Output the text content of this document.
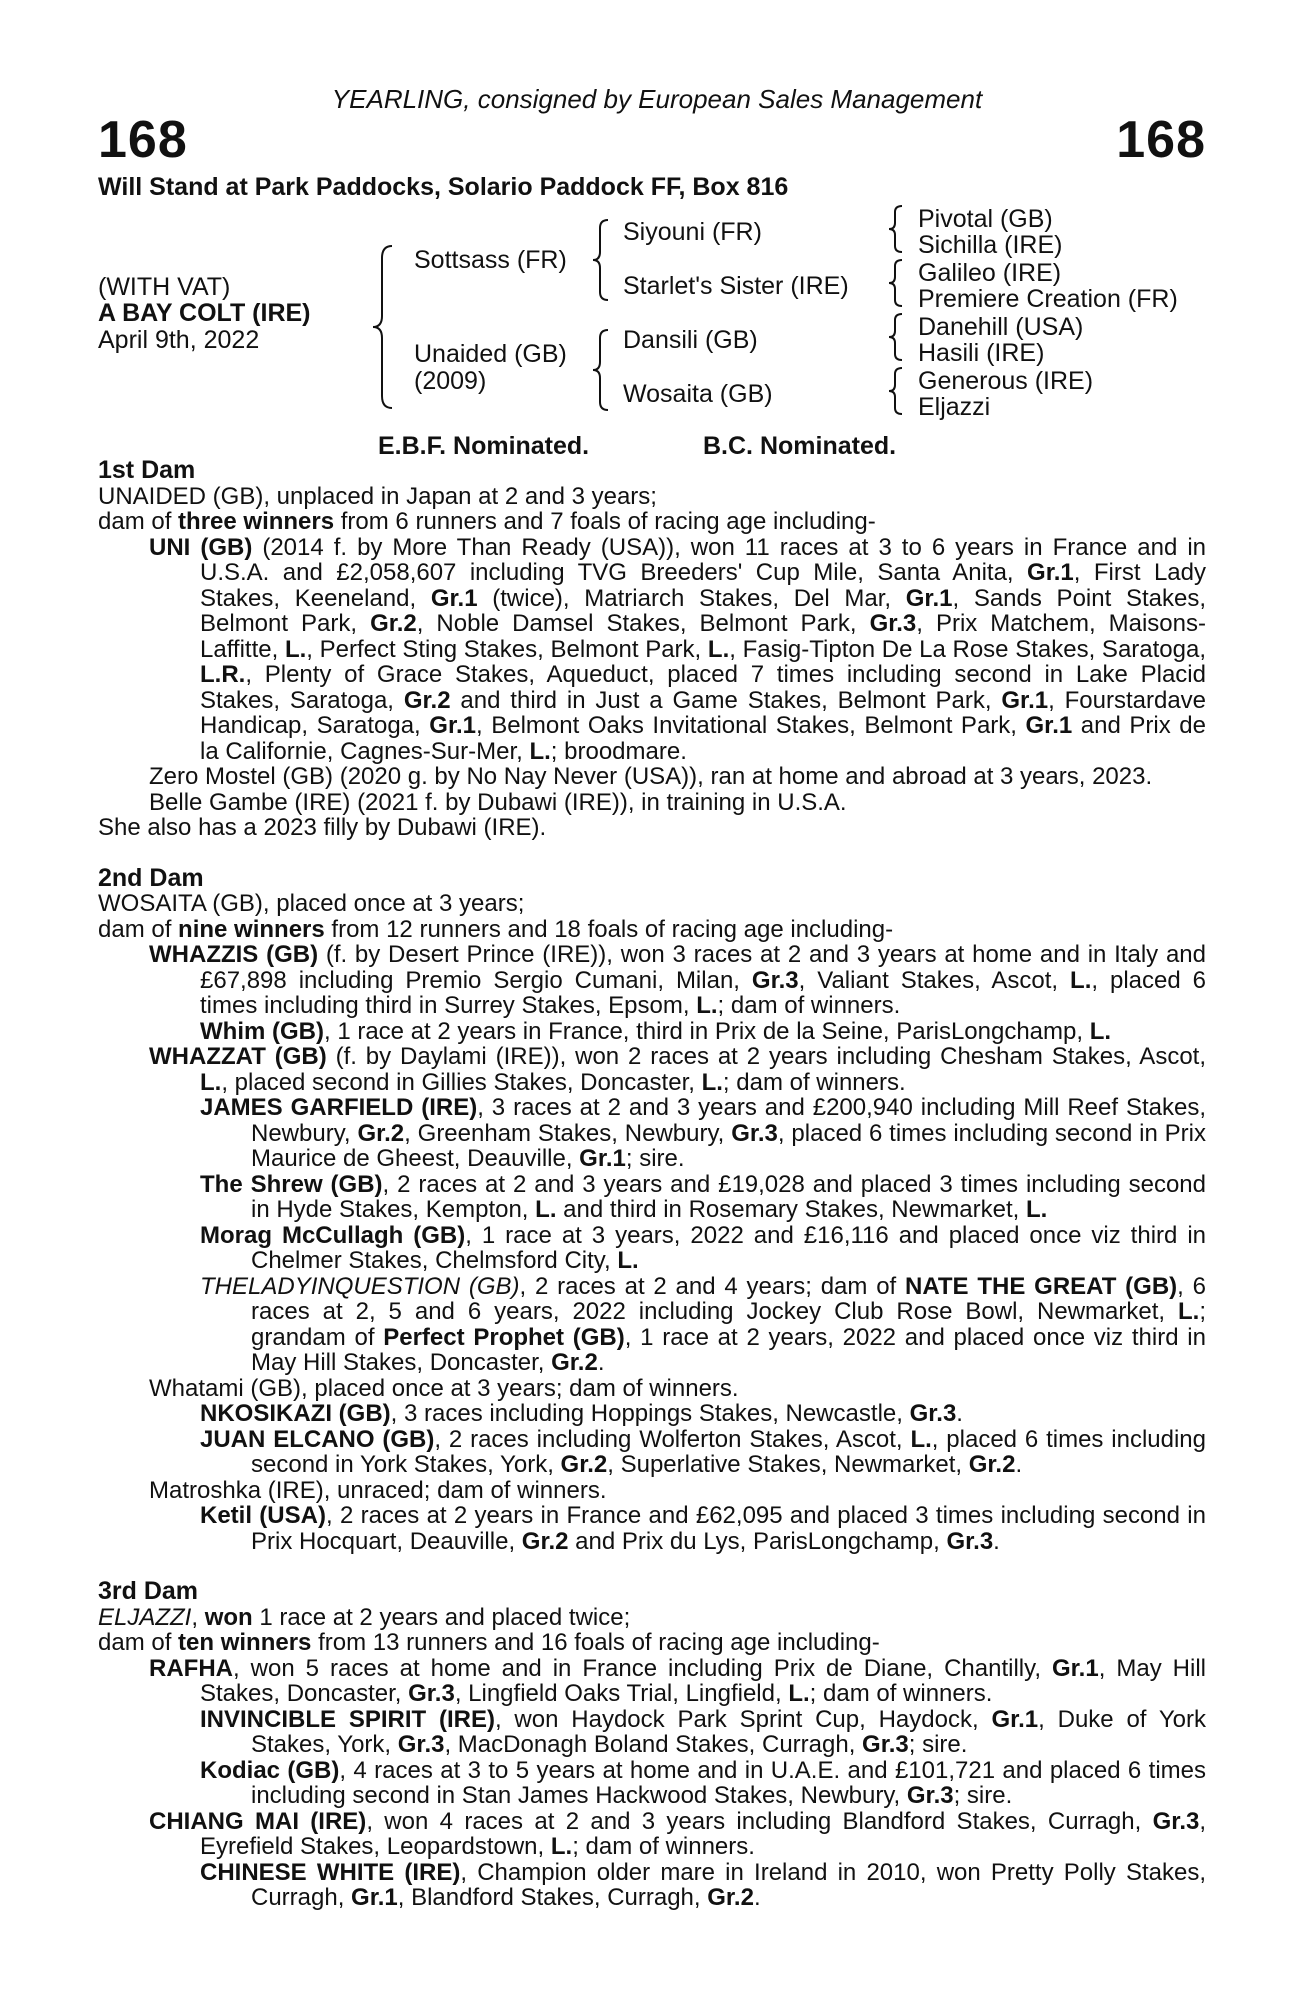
YEARLING, consigned by European Sales Management
168	168
Will Stand at Park Paddocks, Solario Paddock FF, Box 816
(WITH VAT)
A BAY COLT (IRE)
April 9th, 2022
Sottsass (FR)
Unaided (GB)
(2009)
Siyouni (FR)
Starlet's Sister (IRE)
Dansili (GB)
Wosaita (GB)
Pivotal (GB)
Sichilla (IRE)
Galileo (IRE)
Premiere Creation (FR)
Danehill (USA)
Hasili (IRE)
Generous (IRE)
Eljazzi
E.B.F. Nominated.	B.C. Nominated.

1st Dam

UNAIDED (GB), unplaced in Japan at 2 and 3 years;

dam of three winners from 6 runners and 7 foals of racing age including-

UNI (GB) (2014 f. by More Than Ready (USA)), won 11 races at 3 to 6 years in France and in U.S.A. and £2,058,607 including TVG Breeders' Cup Mile, Santa Anita, Gr.1, First Lady Stakes, Keeneland, Gr.1 (twice), Matriarch Stakes, Del Mar, Gr.1, Sands Point Stakes, Belmont Park, Gr.2, Noble Damsel Stakes, Belmont Park, Gr.3, Prix Matchem, Maisons-Laffitte, L., Perfect Sting Stakes, Belmont Park, L., Fasig-Tipton De La Rose Stakes, Saratoga, L.R., Plenty of Grace Stakes, Aqueduct, placed 7 times including second in Lake Placid Stakes, Saratoga, Gr.2 and third in Just a Game Stakes, Belmont Park, Gr.1, Fourstardave Handicap, Saratoga, Gr.1, Belmont Oaks Invitational Stakes, Belmont Park, Gr.1 and Prix de la Californie, Cagnes-Sur-Mer, L.; broodmare.

Zero Mostel (GB) (2020 g. by No Nay Never (USA)), ran at home and abroad at 3 years, 2023.

Belle Gambe (IRE) (2021 f. by Dubawi (IRE)), in training in U.S.A.

She also has a 2023 filly by Dubawi (IRE).

2nd Dam

WOSAITA (GB), placed once at 3 years;

dam of nine winners from 12 runners and 18 foals of racing age including-

WHAZZIS (GB) (f. by Desert Prince (IRE)), won 3 races at 2 and 3 years at home and in Italy and £67,898 including Premio Sergio Cumani, Milan, Gr.3, Valiant Stakes, Ascot, L., placed 6 times including third in Surrey Stakes, Epsom, L.; dam of winners.

Whim (GB), 1 race at 2 years in France, third in Prix de la Seine, ParisLongchamp, L.

WHAZZAT (GB) (f. by Daylami (IRE)), won 2 races at 2 years including Chesham Stakes, Ascot, L., placed second in Gillies Stakes, Doncaster, L.; dam of winners.

JAMES GARFIELD (IRE), 3 races at 2 and 3 years and £200,940 including Mill Reef Stakes, Newbury, Gr.2, Greenham Stakes, Newbury, Gr.3, placed 6 times including second in Prix Maurice de Gheest, Deauville, Gr.1; sire.

The Shrew (GB), 2 races at 2 and 3 years and £19,028 and placed 3 times including second in Hyde Stakes, Kempton, L. and third in Rosemary Stakes, Newmarket, L.

Morag McCullagh (GB), 1 race at 3 years, 2022 and £16,116 and placed once viz third in Chelmer Stakes, Chelmsford City, L.

THELADYINQUESTION (GB), 2 races at 2 and 4 years; dam of NATE THE GREAT (GB), 6 races at 2, 5 and 6 years, 2022 including Jockey Club Rose Bowl, Newmarket, L.; grandam of Perfect Prophet (GB), 1 race at 2 years, 2022 and placed once viz third in May Hill Stakes, Doncaster, Gr.2.

Whatami (GB), placed once at 3 years; dam of winners.

NKOSIKAZI (GB), 3 races including Hoppings Stakes, Newcastle, Gr.3.

JUAN ELCANO (GB), 2 races including Wolferton Stakes, Ascot, L., placed 6 times including second in York Stakes, York, Gr.2, Superlative Stakes, Newmarket, Gr.2.

Matroshka (IRE), unraced; dam of winners.

Ketil (USA), 2 races at 2 years in France and £62,095 and placed 3 times including second in Prix Hocquart, Deauville, Gr.2 and Prix du Lys, ParisLongchamp, Gr.3.

3rd Dam

ELJAZZI, won 1 race at 2 years and placed twice;

dam of ten winners from 13 runners and 16 foals of racing age including-

RAFHA, won 5 races at home and in France including Prix de Diane, Chantilly, Gr.1, May Hill Stakes, Doncaster, Gr.3, Lingfield Oaks Trial, Lingfield, L.; dam of winners.

INVINCIBLE SPIRIT (IRE), won Haydock Park Sprint Cup, Haydock, Gr.1, Duke of York Stakes, York, Gr.3, MacDonagh Boland Stakes, Curragh, Gr.3; sire.

Kodiac (GB), 4 races at 3 to 5 years at home and in U.A.E. and £101,721 and placed 6 times including second in Stan James Hackwood Stakes, Newbury, Gr.3; sire.

CHIANG MAI (IRE), won 4 races at 2 and 3 years including Blandford Stakes, Curragh, Gr.3, Eyrefield Stakes, Leopardstown, L.; dam of winners.

CHINESE WHITE (IRE), Champion older mare in Ireland in 2010, won Pretty Polly Stakes, Curragh, Gr.1, Blandford Stakes, Curragh, Gr.2.
